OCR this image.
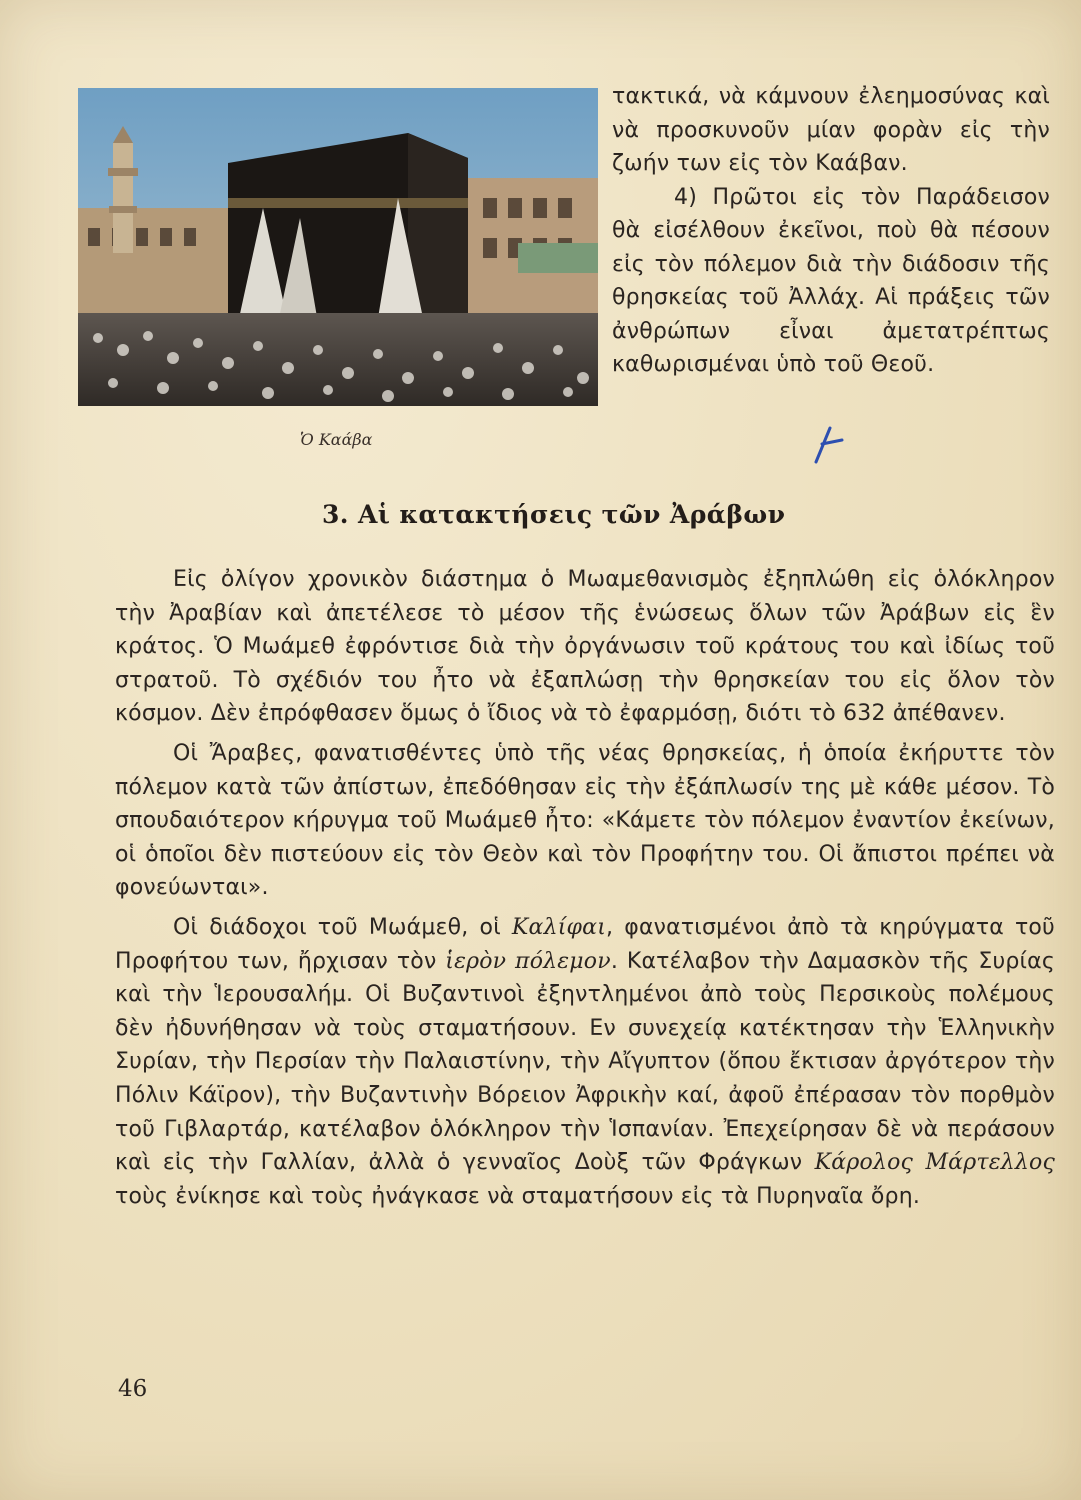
Ὁ Καάβα

τακτικά, νὰ κάμνουν ἐλεημοσύνας καὶ νὰ προσκυνοῦν μίαν φορὰν εἰς τὴν ζωήν των εἰς τὸν Καάβαν.

4) Πρῶτοι εἰς τὸν Παράδεισον θὰ εἰσέλθουν ἐκεῖνοι, ποὺ θὰ πέσουν εἰς τὸν πόλεμον διὰ τὴν διάδοσιν τῆς θρησκείας τοῦ Ἀλλάχ. Αἱ πράξεις τῶν ἀνθρώπων εἶναι ἀμετατρέπτως καθωρισμέναι ὑπὸ τοῦ Θεοῦ.

3. Αἱ κατακτήσεις τῶν Ἀράβων

Εἰς ὀλίγον χρονικὸν διάστημα ὁ Μωαμεθανισμὸς ἐξηπλώθη εἰς ὁλόκληρον τὴν Ἀραβίαν καὶ ἀπετέλεσε τὸ μέσον τῆς ἑνώσεως ὅλων τῶν Ἀράβων εἰς ἓν κράτος. Ὁ Μωάμεθ ἐφρόντισε διὰ τὴν ὀργάνωσιν τοῦ κράτους του καὶ ἰδίως τοῦ στρατοῦ. Τὸ σχέδιόν του ἦτο νὰ ἐξαπλώσῃ τὴν θρησκείαν του εἰς ὅλον τὸν κόσμον. Δὲν ἐπρόφθασεν ὅμως ὁ ἴδιος νὰ τὸ ἐφαρμόσῃ, διότι τὸ 632 ἀπέθανεν.

Οἱ Ἄραβες, φανατισθέντες ὑπὸ τῆς νέας θρησκείας, ἡ ὁποία ἐκήρυττε τὸν πόλεμον κατὰ τῶν ἀπίστων, ἐπεδόθησαν εἰς τὴν ἐξάπλωσίν της μὲ κάθε μέσον. Τὸ σπουδαιότερον κήρυγμα τοῦ Μωάμεθ ἦτο: «Κάμετε τὸν πόλεμον ἐναντίον ἐκείνων, οἱ ὁποῖοι δὲν πιστεύουν εἰς τὸν Θεὸν καὶ τὸν Προφήτην του. Οἱ ἄπιστοι πρέπει νὰ φονεύωνται».

Οἱ διάδοχοι τοῦ Μωάμεθ, οἱ Καλίφαι, φανατισμένοι ἀπὸ τὰ κηρύγματα τοῦ Προφήτου των, ἤρχισαν τὸν ἱερὸν πόλεμον. Κατέλαβον τὴν Δαμασκὸν τῆς Συρίας καὶ τὴν Ἱερουσαλήμ. Οἱ Βυζαντινοὶ ἐξηντλημένοι ἀπὸ τοὺς Περσικοὺς πολέμους δὲν ἠδυνήθησαν νὰ τοὺς σταματήσουν. Εν συνεχείᾳ κατέκτησαν τὴν Ἑλληνικὴν Συρίαν, τὴν Περσίαν τὴν Παλαιστίνην, τὴν Αἴγυπτον (ὅπου ἔκτισαν ἀργότερον τὴν Πόλιν Κάϊρον), τὴν Βυζαντινὴν Βόρειον Ἀφρικὴν καί, ἀφοῦ ἐπέρασαν τὸν πορθμὸν τοῦ Γιβλαρτάρ, κατέλαβον ὁλόκληρον τὴν Ἱσπανίαν. Ἐπεχείρησαν δὲ νὰ περάσουν καὶ εἰς τὴν Γαλλίαν, ἀλλὰ ὁ γενναῖος Δοὺξ τῶν Φράγκων Κάρολος Μάρτελλος τοὺς ἐνίκησε καὶ τοὺς ἠνάγκασε νὰ σταματήσουν εἰς τὰ Πυρηναῖα ὄρη.

46
